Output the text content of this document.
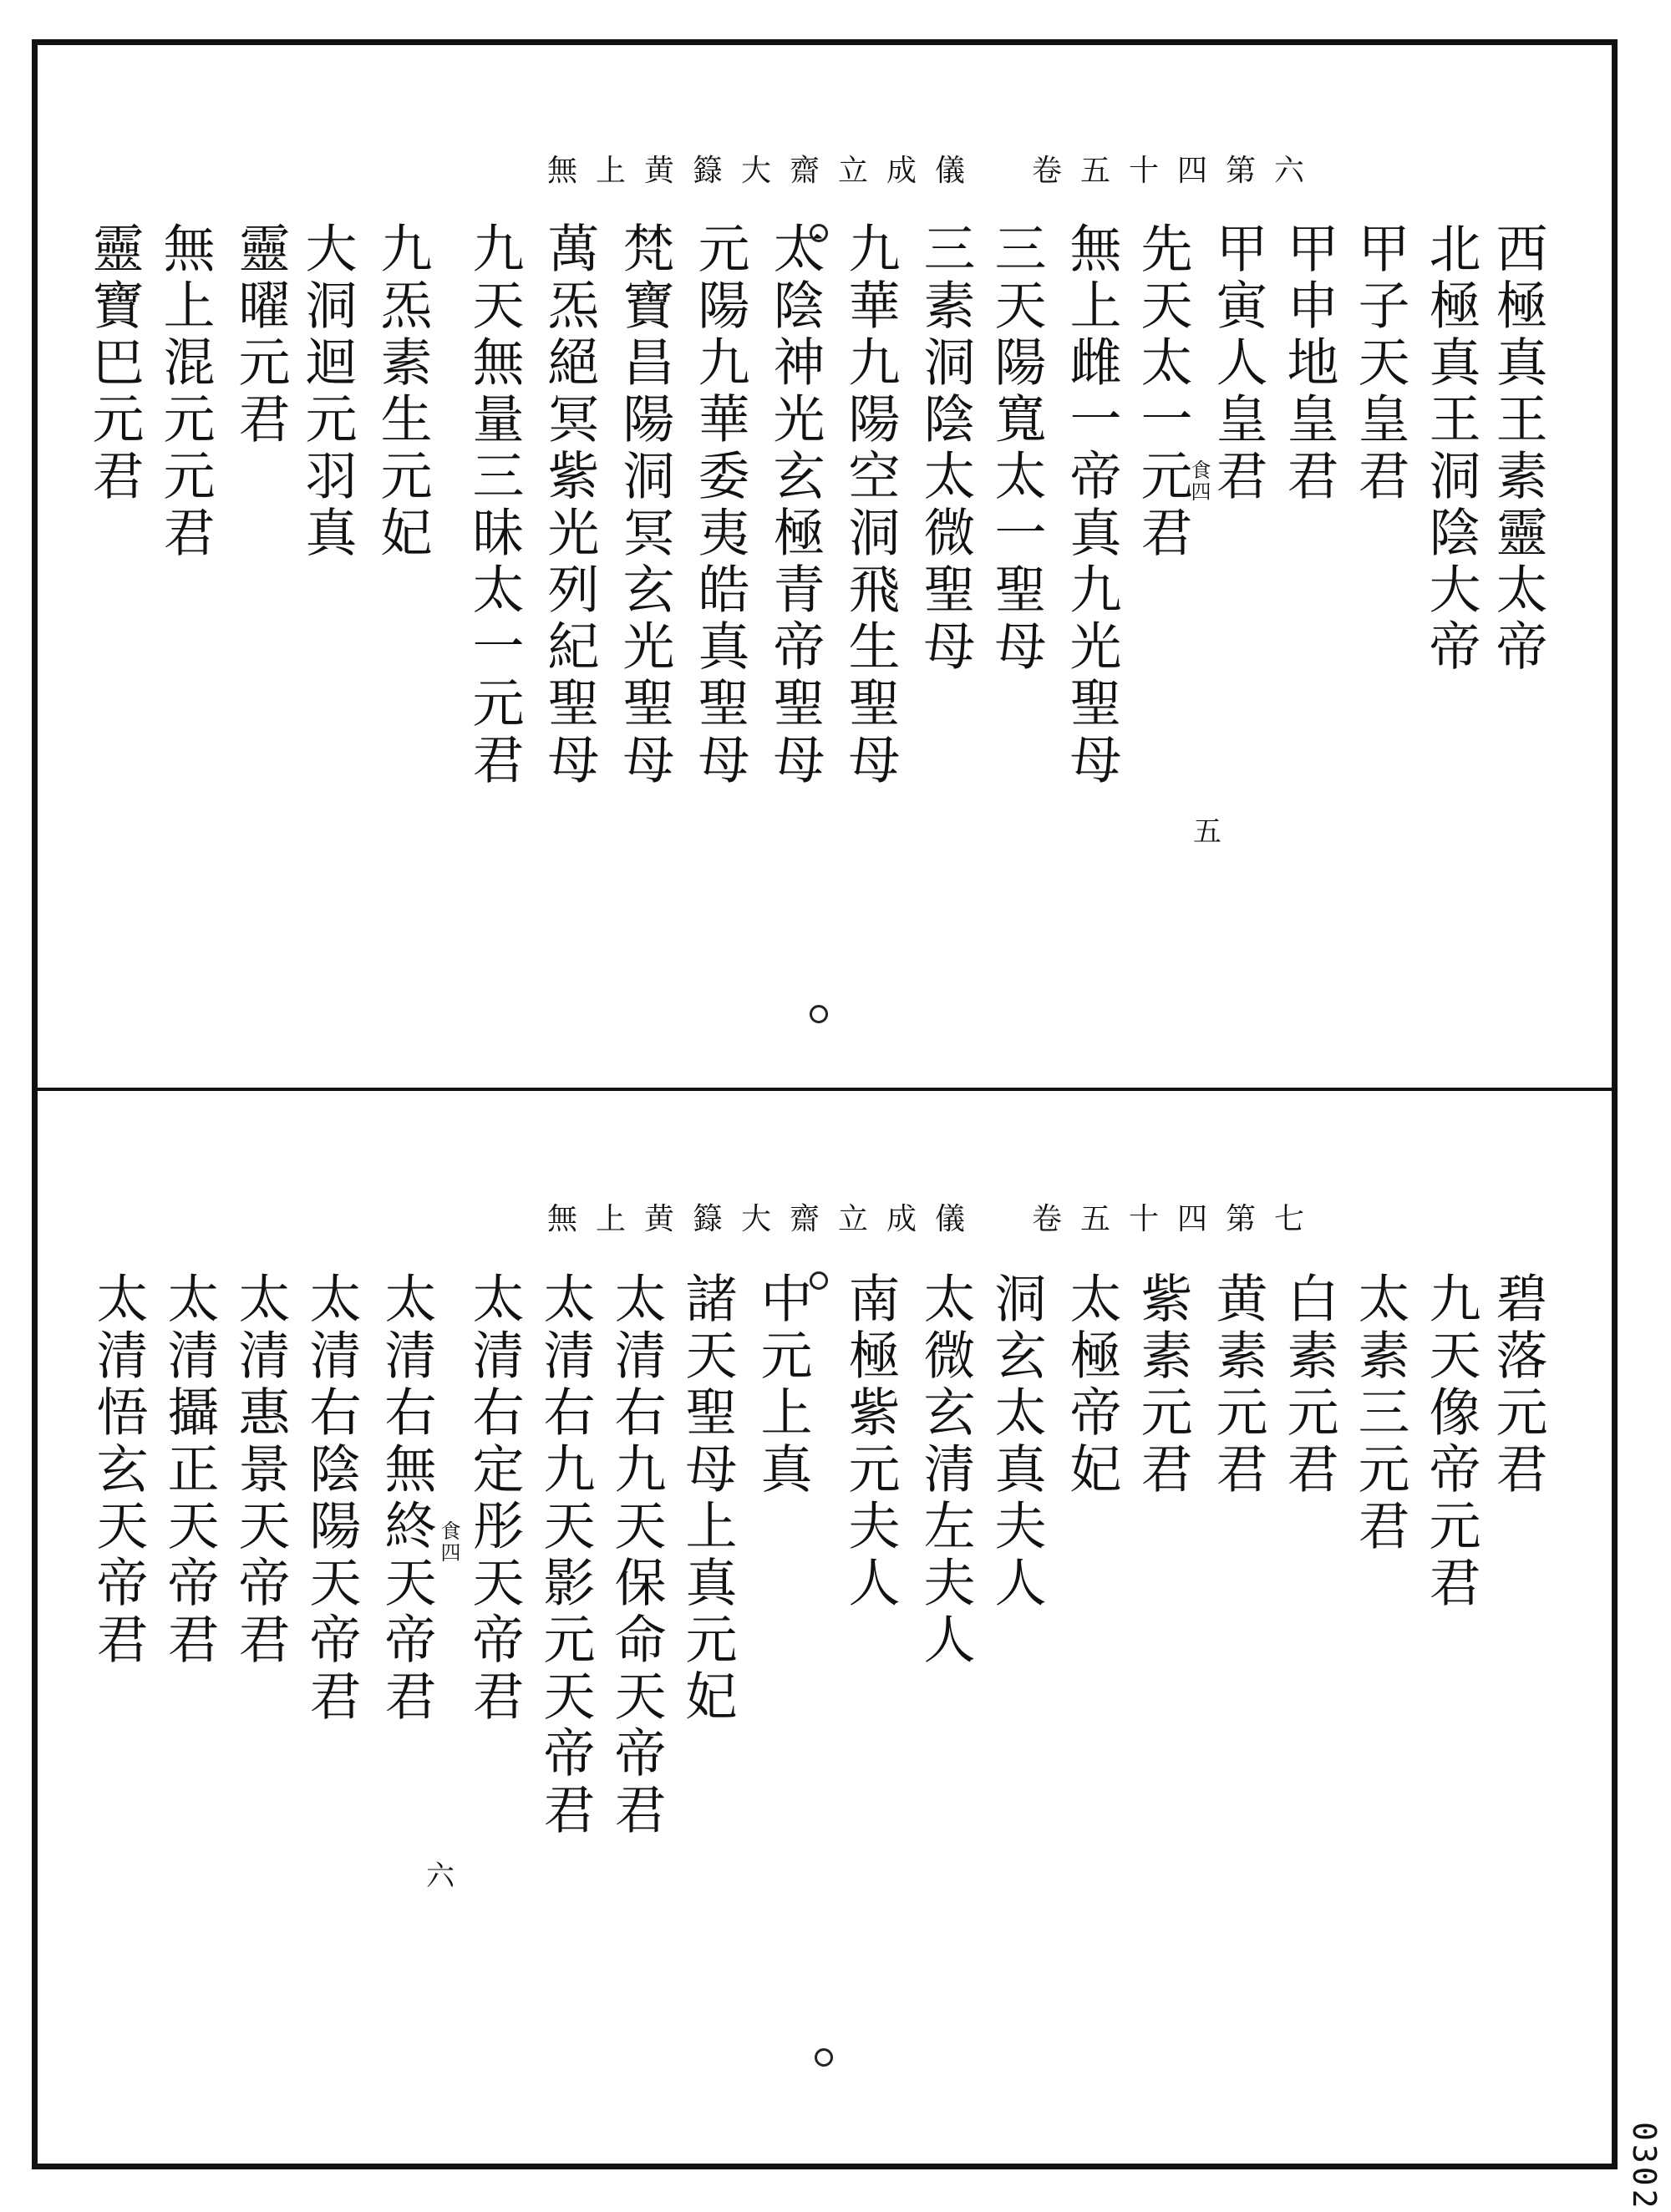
無上黄籙大齋立成儀　卷五十四第六
西極真王素靈太帝
北極真王洞陰大帝
甲子天皇君
甲申地皇君
甲寅人皇君
先天太一元君
無上雌一帝真九光聖母
三天陽寬太一聖母
三素洞陰太微聖母
九華九陽空洞飛生聖母
太陰神光玄極青帝聖母
元陽九華委夷皓真聖母
梵寶昌陽洞冥玄光聖母
萬炁絕冥紫光列紀聖母
九天無量三昧太一元君
九炁素生元妃
大洞迴元羽真
靈曜元君
無上混元元君
靈寶巴元君	食四
五
無上黄籙大齋立成儀　卷五十四第七
碧落元君
九天像帝元君
太素三元君
白素元君
黄素元君
紫素元君
太極帝妃
洞玄太真夫人
太微玄清左夫人
南極紫元夫人
中元上真
諸天聖母上真元妃
太清右九天保命天帝君
太清右九天影元天帝君
太清右定彤天帝君
太清右無終天帝君
太清右陰陽天帝君
太清惠景天帝君
太清攝正天帝君
太清悟玄天帝君	食四
六
0302
